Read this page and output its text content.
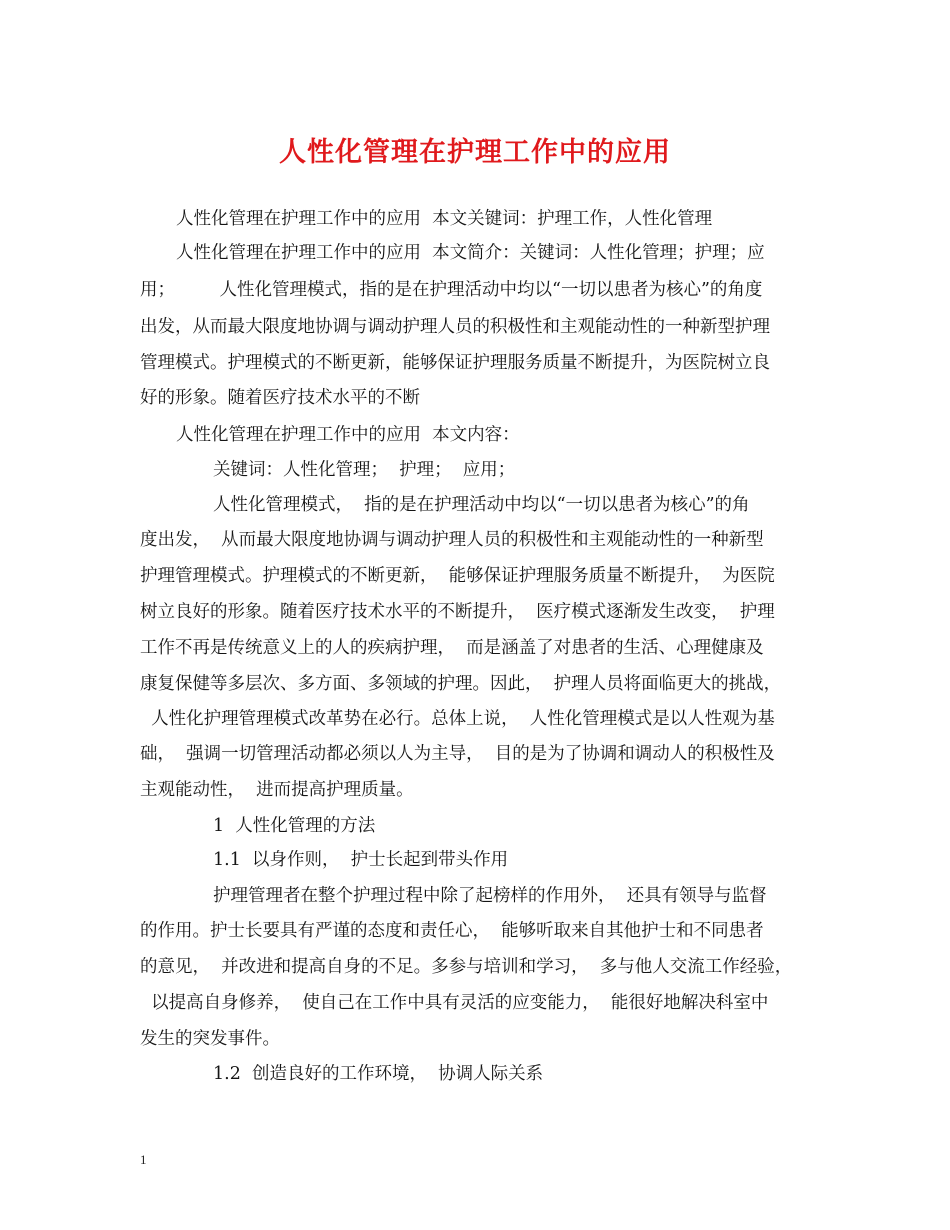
人性化管理在护理工作中的应用
人性化管理在护理工作中的应用  本文关键词：护理工作，人性化管理
人性化管理在护理工作中的应用  本文简介：关键词：人性化管理；护理；应
用；        人性化管理模式，指的是在护理活动中均以“一切以患者为核心”的角度
出发，从而最大限度地协调与调动护理人员的积极性和主观能动性的一种新型护理
管理模式。护理模式的不断更新，能够保证护理服务质量不断提升，为医院树立良
好的形象。随着医疗技术水平的不断
人性化管理在护理工作中的应用  本文内容：
关键词：人性化管理；  护理；  应用；
人性化管理模式，  指的是在护理活动中均以“一切以患者为核心”的角
度出发，  从而最大限度地协调与调动护理人员的积极性和主观能动性的一种新型
护理管理模式。护理模式的不断更新，  能够保证护理服务质量不断提升，  为医院
树立良好的形象。随着医疗技术水平的不断提升，  医疗模式逐渐发生改变，  护理
工作不再是传统意义上的人的疾病护理，  而是涵盖了对患者的生活、心理健康及
康复保健等多层次、多方面、多领域的护理。因此，  护理人员将面临更大的挑战，
人性化护理管理模式改革势在必行。总体上说，  人性化管理模式是以人性观为基
础，  强调一切管理活动都必须以人为主导，  目的是为了协调和调动人的积极性及
主观能动性，  进而提高护理质量。
1  人性化管理的方法
1.1  以身作则，  护士长起到带头作用
护理管理者在整个护理过程中除了起榜样的作用外，  还具有领导与监督
的作用。护士长要具有严谨的态度和责任心，  能够听取来自其他护士和不同患者
的意见，  并改进和提高自身的不足。多参与培训和学习，  多与他人交流工作经验，
以提高自身修养，  使自己在工作中具有灵活的应变能力，  能很好地解决科室中
发生的突发事件。
1.2  创造良好的工作环境，  协调人际关系
1
